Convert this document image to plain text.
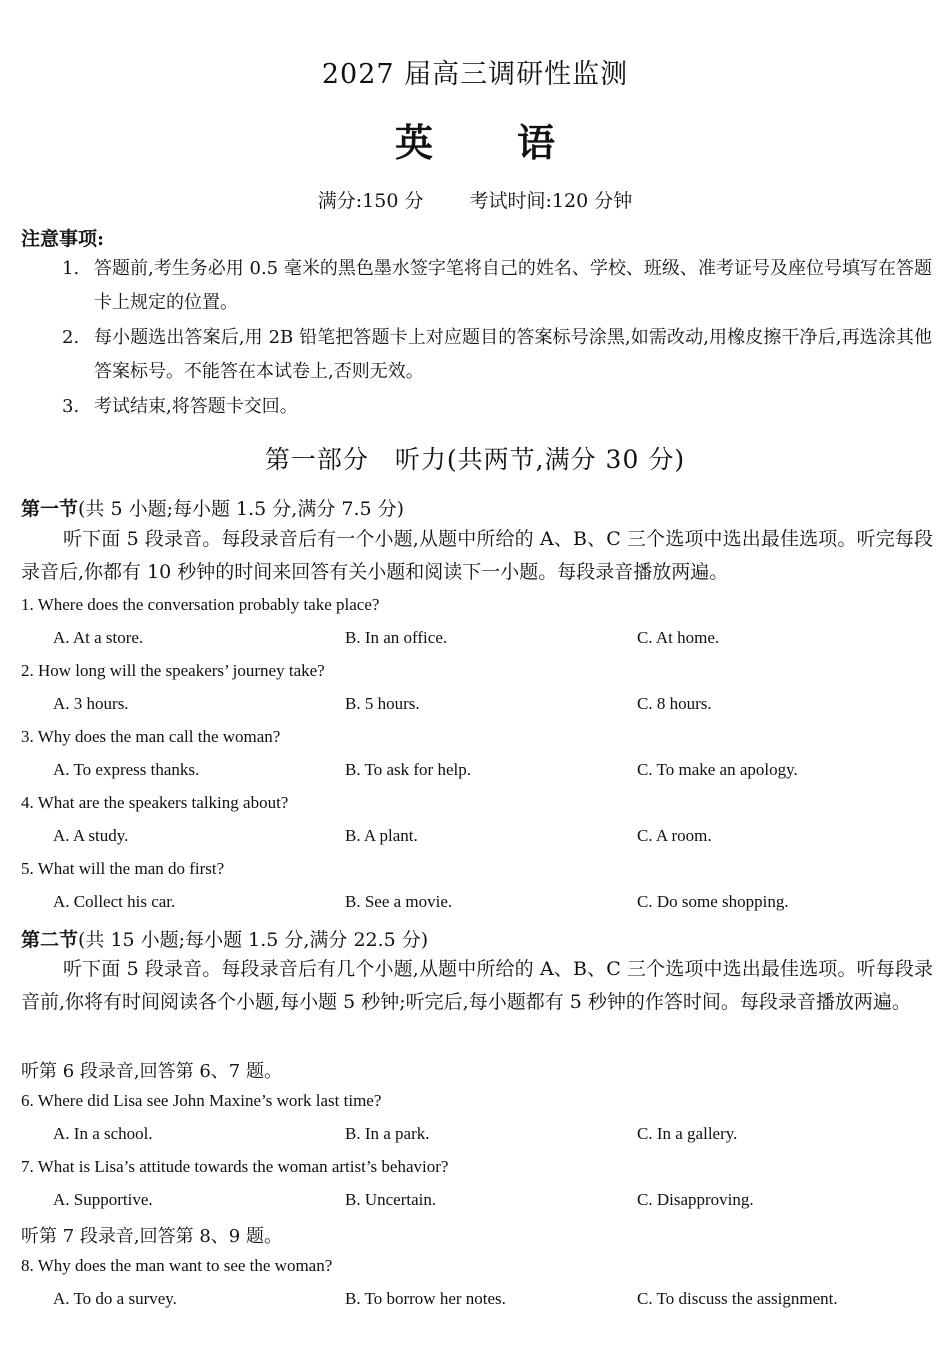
2027 届高三调研性监测
英 语
满分:150 分 考试时间:120 分钟
注意事项:
1. 答题前,考生务必用 0.5 毫米的黑色墨水签字笔将自己的姓名、学校、班级、准考证号及座位号填写在答题卡上规定的位置。
2. 每小题选出答案后,用 2B 铅笔把答题卡上对应题目的答案标号涂黑,如需改动,用橡皮擦干净后,再选涂其他答案标号。不能答在本试卷上,否则无效。
3. 考试结束,将答题卡交回。
第一部分　听力(共两节,满分 30 分)
第一节(共 5 小题;每小题 1.5 分,满分 7.5 分)
听下面 5 段录音。每段录音后有一个小题,从题中所给的 A、B、C 三个选项中选出最佳选项。听完每段录音后,你都有 10 秒钟的时间来回答有关小题和阅读下一小题。每段录音播放两遍。
1. Where does the conversation probably take place?
A. At a store.	B. In an office.	C. At home.
2. How long will the speakers’ journey take?
A. 3 hours.	B. 5 hours.	C. 8 hours.
3. Why does the man call the woman?
A. To express thanks.	B. To ask for help.	C. To make an apology.
4. What are the speakers talking about?
A. A study.	B. A plant.	C. A room.
5. What will the man do first?
A. Collect his car.	B. See a movie.	C. Do some shopping.
第二节(共 15 小题;每小题 1.5 分,满分 22.5 分)
听下面 5 段录音。每段录音后有几个小题,从题中所给的 A、B、C 三个选项中选出最佳选项。听每段录音前,你将有时间阅读各个小题,每小题 5 秒钟;听完后,每小题都有 5 秒钟的作答时间。每段录音播放两遍。
听第 6 段录音,回答第 6、7 题。
6. Where did Lisa see John Maxine’s work last time?
A. In a school.	B. In a park.	C. In a gallery.
7. What is Lisa’s attitude towards the woman artist’s behavior?
A. Supportive.	B. Uncertain.	C. Disapproving.
听第 7 段录音,回答第 8、9 题。
8. Why does the man want to see the woman?
A. To do a survey.	B. To borrow her notes.	C. To discuss the assignment.
